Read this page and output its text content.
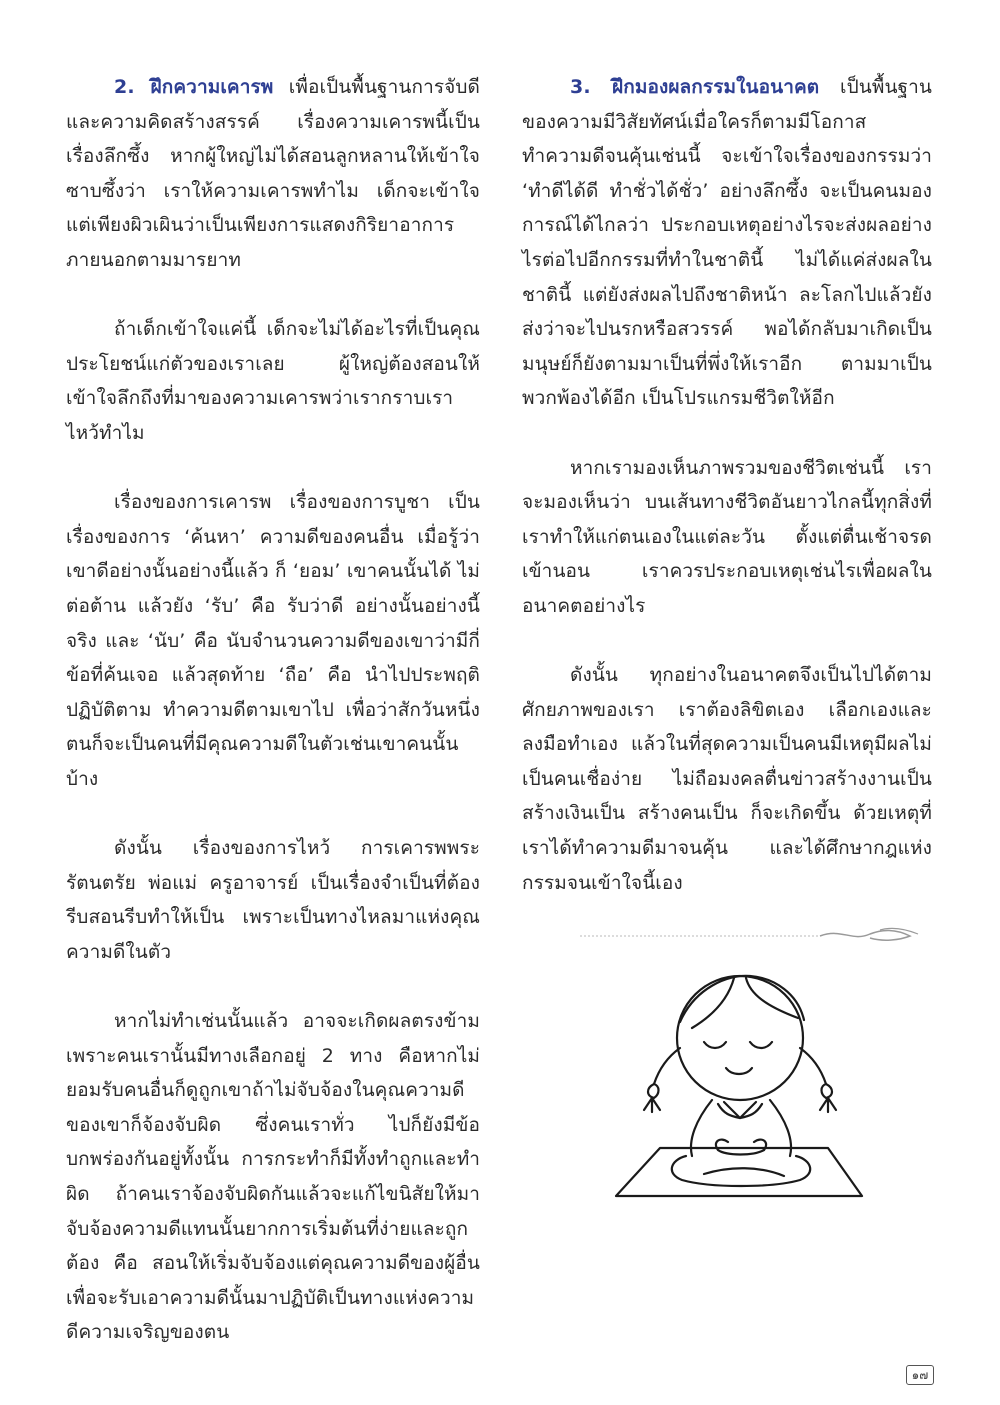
2. ฝึกความเคารพ เพื่อเป็นพื้นฐานการจับดีและความคิดสร้างสรรค์ เรื่องความเคารพนี้เป็นเรื่องลึกซึ้ง หากผู้ใหญ่ไม่ได้สอนลูกหลานให้เข้าใจซาบซึ้งว่า เราให้ความเคารพทำไม เด็กจะเข้าใจแต่เพียงผิวเผินว่าเป็นเพียงการแสดงกิริยาอาการภายนอกตามมารยาท

ถ้าเด็กเข้าใจแค่นี้ เด็กจะไม่ได้อะไรที่เป็นคุณประโยชน์แก่ตัวของเราเลย ผู้ใหญ่ต้องสอนให้เข้าใจลึกถึงที่มาของความเคารพว่าเรากราบเราไหว้ทำไม

เรื่องของการเคารพ เรื่องของการบูชา เป็นเรื่องของการ ‘ค้นหา’ ความดีของคนอื่น เมื่อรู้ว่าเขาดีอย่างนั้นอย่างนี้แล้ว ก็ ‘ยอม’ เขาคนนั้นได้ ไม่ต่อต้าน แล้วยัง ‘รับ’ คือ รับว่าดี อย่างนั้นอย่างนี้จริง และ ‘นับ’ คือ นับจำนวนความดีของเขาว่ามีกี่ข้อที่ค้นเจอ แล้วสุดท้าย ‘ถือ’ คือ นำไปประพฤติปฏิบัติตาม ทำความดีตามเขาไป เพื่อว่าสักวันหนึ่งตนก็จะเป็นคนที่มีคุณความดีในตัวเช่นเขาคนนั้นบ้าง

ดังนั้น เรื่องของการไหว้ การเคารพพระรัตนตรัย พ่อแม่ ครูอาจารย์ เป็นเรื่องจำเป็นที่ต้องรีบสอนรีบทำให้เป็น เพราะเป็นทางไหลมาแห่งคุณความดีในตัว

หากไม่ทำเช่นนั้นแล้ว อาจจะเกิดผลตรงข้ามเพราะคนเรานั้นมีทางเลือกอยู่ 2 ทาง คือหากไม่ยอมรับคนอื่นก็ดูถูกเขาถ้าไม่จับจ้องในคุณความดีของเขาก็จ้องจับผิด ซึ่งคนเราทั่ว ไปก็ยังมีข้อบกพร่องกันอยู่ทั้งนั้น การกระทำก็มีทั้งทำถูกและทำผิด ถ้าคนเราจ้องจับผิดกันแล้วจะแก้ไขนิสัยให้มาจับจ้องความดีแทนนั้นยากการเริ่มต้นที่ง่ายและถูกต้อง คือ สอนให้เริ่มจับจ้องแต่คุณความดีของผู้อื่น เพื่อจะรับเอาความดีนั้นมาปฏิบัติเป็นทางแห่งความดีความเจริญของตน

3. ฝึกมองผลกรรมในอนาคต เป็นพื้นฐานของความมีวิสัยทัศน์เมื่อใครก็ตามมีโอกาสทำความดีจนคุ้นเช่นนี้ จะเข้าใจเรื่องของกรรมว่า ‘ทำดีได้ดี ทำชั่วได้ชั่ว’ อย่างลึกซึ้ง จะเป็นคนมองการณ์ได้ไกลว่า ประกอบเหตุอย่างไรจะส่งผลอย่างไรต่อไปอีกกรรมที่ทำในชาตินี้ ไม่ได้แค่ส่งผลในชาตินี้ แต่ยังส่งผลไปถึงชาติหน้า ละโลกไปแล้วยังส่งว่าจะไปนรกหรือสวรรค์ พอได้กลับมาเกิดเป็นมนุษย์ก็ยังตามมาเป็นที่พึ่งให้เราอีก ตามมาเป็นพวกพ้องได้อีก เป็นโปรแกรมชีวิตให้อีก

หากเรามองเห็นภาพรวมของชีวิตเช่นนี้ เราจะมองเห็นว่า บนเส้นทางชีวิตอันยาวไกลนี้ทุกสิ่งที่เราทำให้แก่ตนเองในแต่ละวัน ตั้งแต่ตื่นเช้าจรดเข้านอน เราควรประกอบเหตุเช่นไรเพื่อผลในอนาคตอย่างไร

ดังนั้น ทุกอย่างในอนาคตจึงเป็นไปได้ตามศักยภาพของเรา เราต้องลิขิตเอง เลือกเองและลงมือทำเอง แล้วในที่สุดความเป็นคนมีเหตุมีผลไม่เป็นคนเชื่อง่าย ไม่ถือมงคลตื่นข่าวสร้างงานเป็นสร้างเงินเป็น สร้างคนเป็น ก็จะเกิดขึ้น ด้วยเหตุที่เราได้ทำความดีมาจนคุ้น และได้ศึกษากฎแห่งกรรมจนเข้าใจนี้เอง

๑๗
